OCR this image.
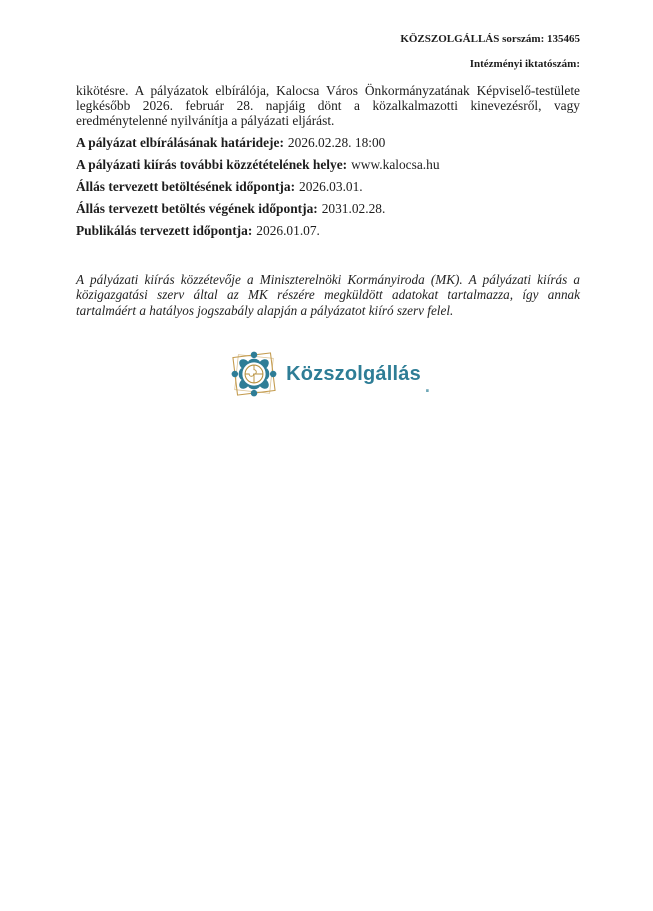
KÖZSZOLGÁLLÁS sorszám: 135465

Intézményi iktatószám:

kikötésre. A pályázatok elbírálója, Kalocsa Város Önkormányzatának Képviselő-testülete legkésőbb 2026. február 28. napjáig dönt a közalkalmazotti kinevezésről, vagy eredménytelenné nyilvánítja a pályázati eljárást.

A pályázat elbírálásának határideje: 2026.02.28. 18:00

A pályázati kiírás további közzétételének helye: www.kalocsa.hu

Állás tervezett betöltésének időpontja: 2026.03.01.

Állás tervezett betöltés végének időpontja: 2031.02.28.

Publikálás tervezett időpontja: 2026.01.07.

A pályázati kiírás közzétevője a Miniszterelnöki Kormányiroda (MK). A pályázati kiírás a közigazgatási szerv által az MK részére megküldött adatokat tartalmazza, így annak tartalmáért a hatályos jogszabály alapján a pályázatot kiíró szerv felel.

Közszolgállás
.
